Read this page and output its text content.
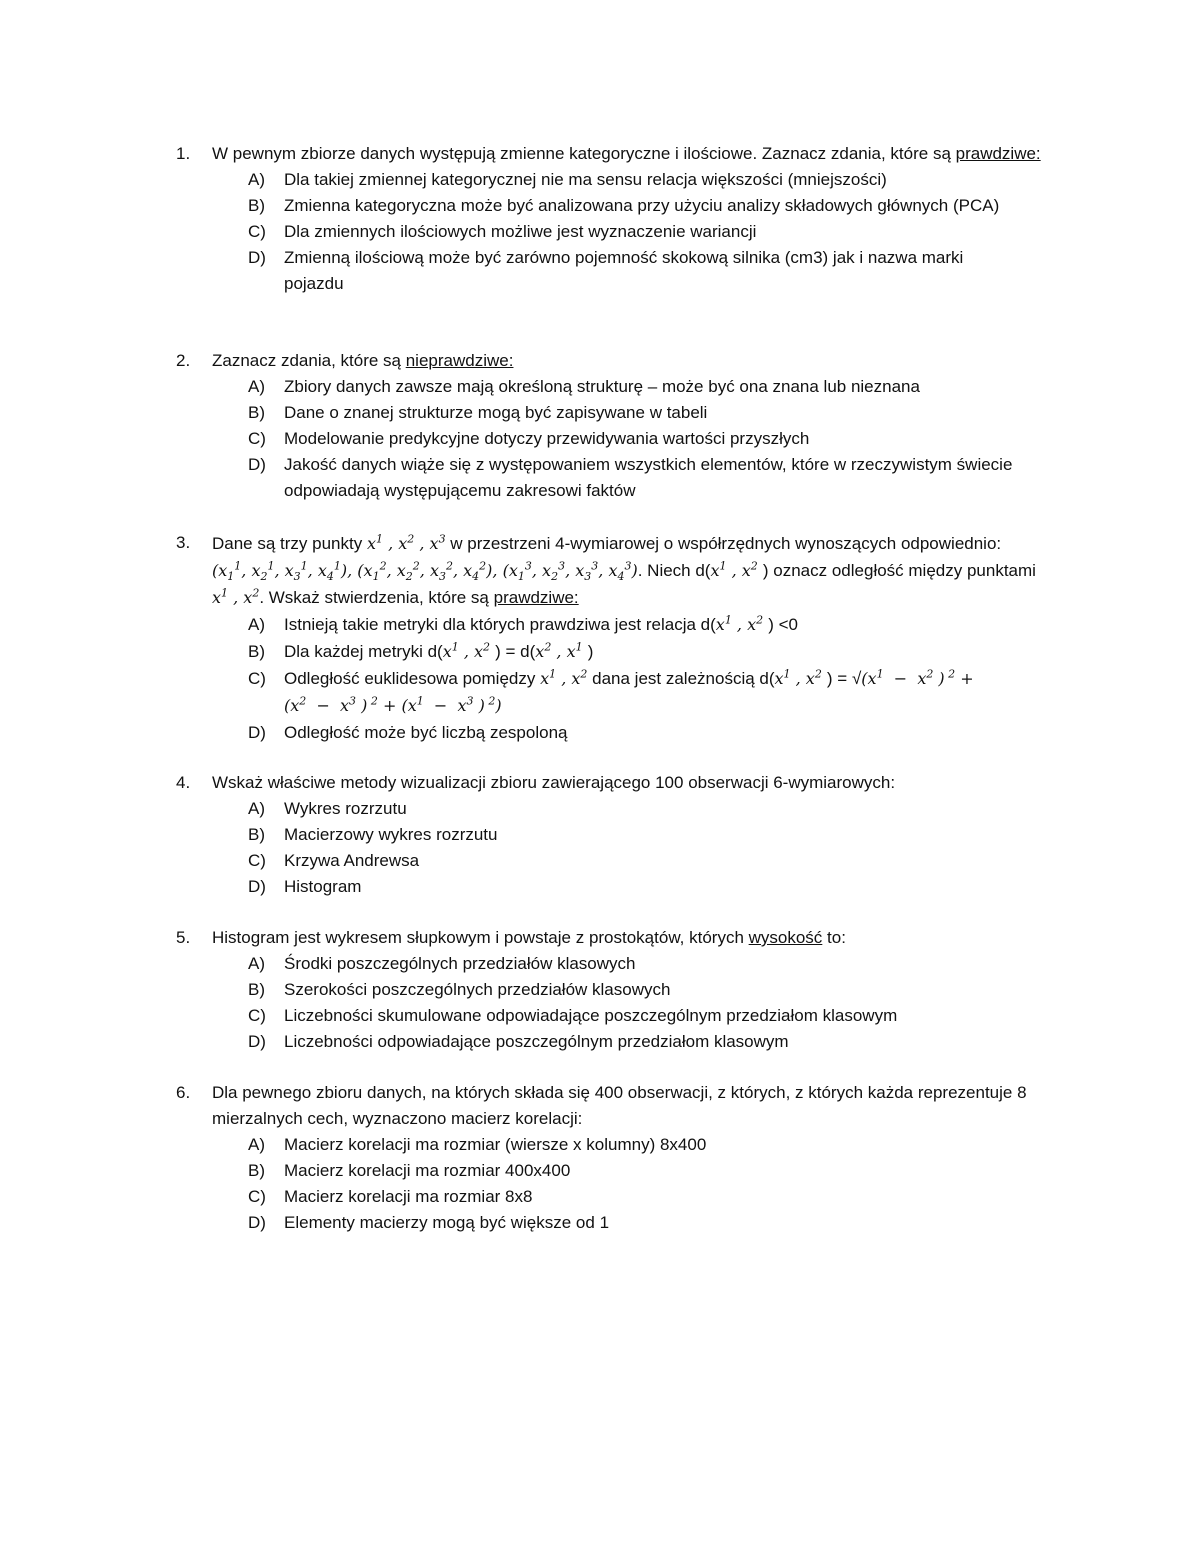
1.	W pewnym zbiorze danych występują zmienne kategoryczne i ilościowe. Zaznacz zdania, które są prawdziwe:
A) Dla takiej zmiennej kategorycznej nie ma sensu relacja większości (mniejszości)
B) Zmienna kategoryczna może być analizowana przy użyciu analizy składowych głównych (PCA)
C) Dla zmiennych ilościowych możliwe jest wyznaczenie wariancji
D) Zmienną ilościową może być zarówno pojemność skokową silnika (cm3) jak i nazwa marki pojazdu
2.	Zaznacz zdania, które są nieprawdziwe:
A) Zbiory danych zawsze mają określoną strukturę – może być ona znana lub nieznana
B) Dane o znanej strukturze mogą być zapisywane w tabeli
C) Modelowanie predykcyjne dotyczy przewidywania wartości przyszłych
D) Jakość danych wiąże się z występowaniem wszystkich elementów, które w rzeczywistym świecie odpowiadają występującemu zakresowi faktów
3.	Dane są trzy punkty $x^1$ , $x^2$ , $x^3$ w przestrzeni 4-wymiarowej o współrzędnych wynoszących odpowiednio:
($x_1^1$, $x_2^1$, $x_3^1$, $x_4^1$), ($x_1^2$, $x_2^2$, $x_3^2$, $x_4^2$), ($x_1^3$, $x_2^3$, $x_3^3$, $x_4^3$). Niech $d(x^1$ , $x^2$ ) oznacz odległość między punktami
$x^1$ , $x^2$. Wskaż stwierdzenia, które są prawdziwe:
A) Istnieją takie metryki dla których prawdziwa jest relacja $d(x^1$ , $x^2$ ) <0
B) Dla każdej metryki $d(x^1$ , $x^2$ ) = $d(x^2$ , $x^1$ )
C) Odległość euklidesowa pomiędzy $x^1$ , $x^2$ dana jest zależnością $d(x^1$ , $x^2$ ) = $√(x^1 - x^2$ ) $^2$ +
($x^2 - x^3$ ) $^2 + (x^1 - x^3$ ) $^2$)
D) Odległość może być liczbą zespoloną
4.	Wskaż właściwe metody wizualizacji zbioru zawierającego 100 obserwacji 6-wymiarowych:
A) Wykres rozrzutu
B) Macierzowy wykres rozrzutu
C) Krzywa Andrewsa
D) Histogram
5.	Histogram jest wykresem słupkowym i powstaje z prostokątów, których wysokość to:
A) Środki poszczególnych przedziałów klasowych
B) Szerokości poszczególnych przedziałów klasowych
C) Liczebności skumulowane odpowiadające poszczególnym przedziałom klasowym
D) Liczebności odpowiadające poszczególnym przedziałom klasowym
6.	Dla pewnego zbioru danych, na których składa się 400 obserwacji, z których, z których każda reprezentuje 8 mierzalnych cech, wyznaczono macierz korelacji:
A) Macierz korelacji ma rozmiar (wiersze x kolumny) 8x400
B) Macierz korelacji ma rozmiar 400x400
C) Macierz korelacji ma rozmiar 8x8
D) Elementy macierzy mogą być większe od 1
